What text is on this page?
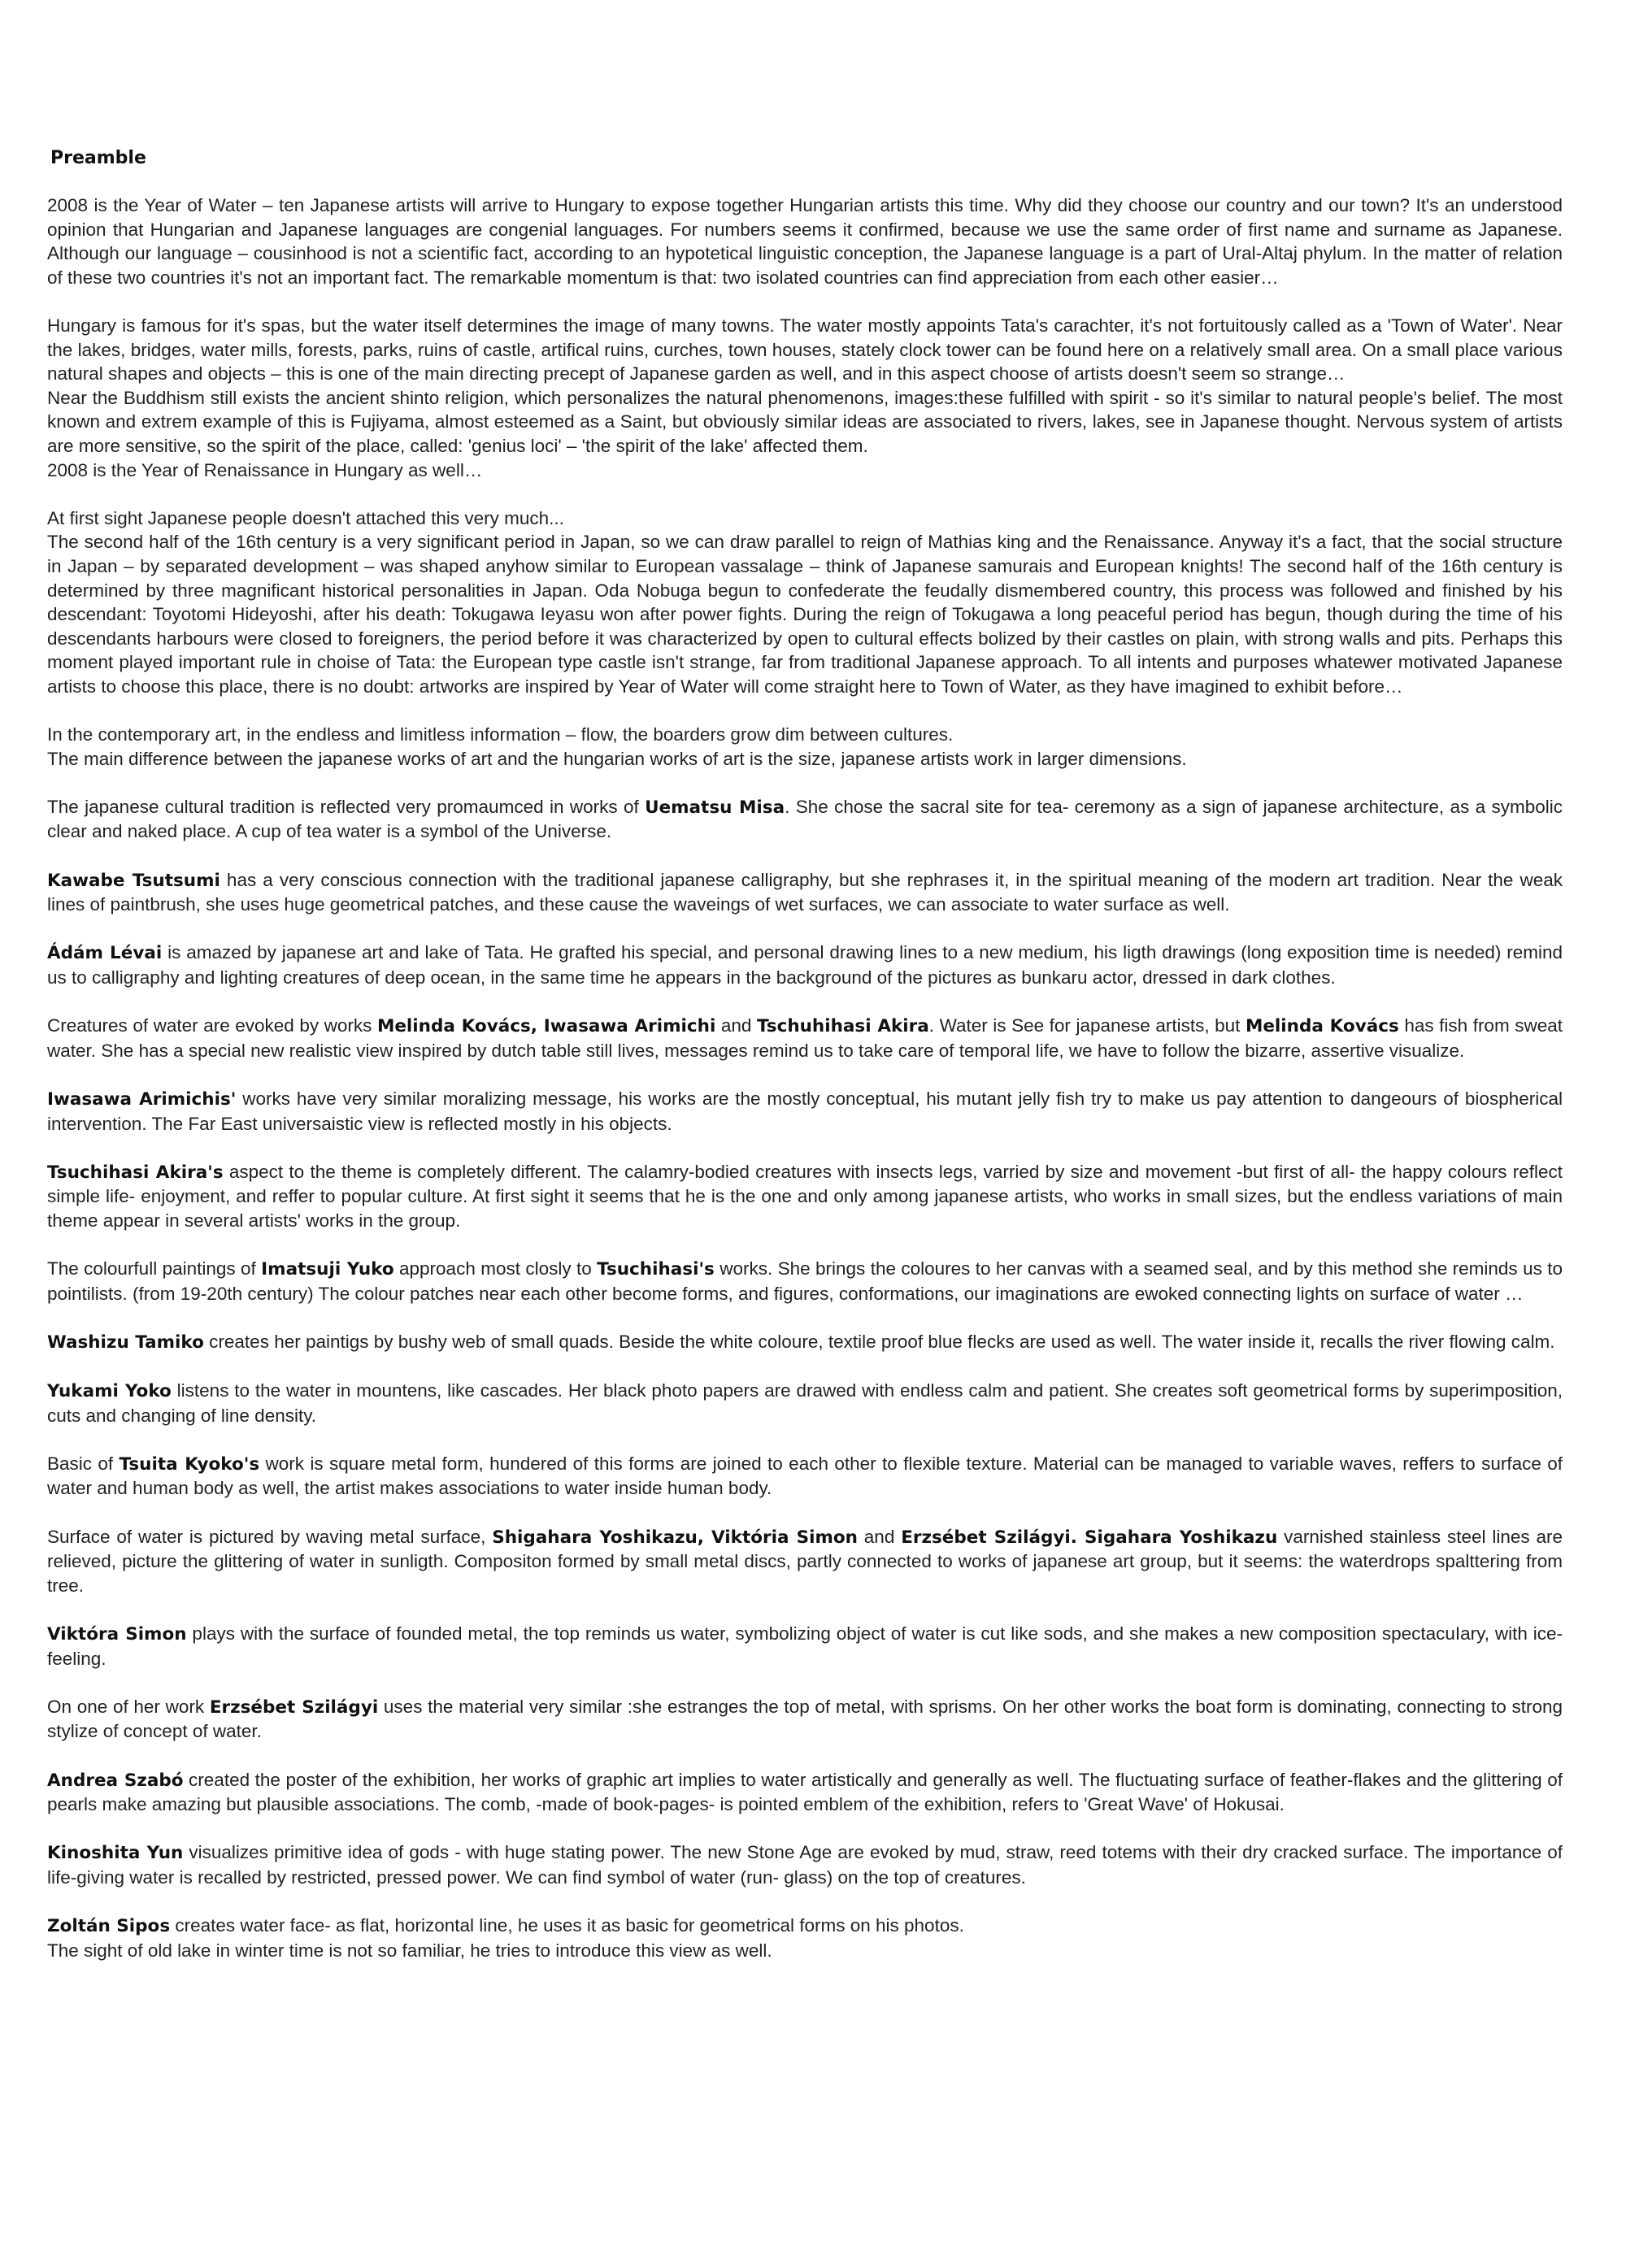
Preamble
2008 is the Year of Water – ten Japanese artists will arrive to Hungary to expose together Hungarian artists this time. Why did they choose our country and our town? It's an understood opinion that Hungarian and Japanese languages are congenial languages. For numbers seems it confirmed, because we use the same order of first name and surname as Japanese. Although our language – cousinhood is not a scientific fact, according to an hypotetical linguistic conception, the Japanese language is a part of Ural-Altaj phylum. In the matter of relation of these two countries it's not an important fact. The remarkable momentum is that: two isolated countries can find appreciation from each other easier…
Hungary is famous for it's spas, but the water itself determines the image of many towns. The water mostly appoints Tata's carachter, it's not fortuitously called as a 'Town of Water'. Near the lakes, bridges, water mills, forests, parks, ruins of castle, artifical ruins, curches, town houses, stately clock tower can be found here on a relatively small area. On a small place various natural shapes and objects – this is one of the main directing precept of Japanese garden as well, and in this aspect choose of artists doesn't seem so strange…
Near the Buddhism still exists the ancient shinto religion, which personalizes the natural phenomenons, images:these fulfilled with spirit - so it's similar to natural people's belief. The most known and extrem example of this is Fujiyama, almost esteemed as a Saint, but obviously similar ideas are associated to rivers, lakes, see in Japanese thought. Nervous system of artists are more sensitive, so the spirit of the place, called: 'genius loci' – 'the spirit of the lake' affected them.
2008 is the Year of Renaissance in Hungary as well…
At first sight Japanese people doesn't attached this very much...
The second half of the 16th century is a very significant period in Japan, so we can draw parallel to reign of Mathias king and the Renaissance. Anyway it's a fact, that the social structure in Japan – by separated development – was shaped anyhow similar to European vassalage – think of Japanese samurais and European knights! The second half of the 16th century is determined by three magnificant historical personalities in Japan. Oda Nobuga begun to confederate the feudally dismembered country, this process was followed and finished by his descendant: Toyotomi Hideyoshi, after his death: Tokugawa Ieyasu won after power fights. During the reign of Tokugawa a long peaceful period has begun, though during the time of his descendants harbours were closed to foreigners, the period before it was characterized by open to cultural effects bolized by their castles on plain, with strong walls and pits. Perhaps this moment played important rule in choise of Tata: the European type castle isn't strange, far from traditional Japanese approach. To all intents and purposes whatewer motivated Japanese artists to choose this place, there is no doubt: artworks are inspired by Year of Water will come straight here to Town of Water, as they have imagined to exhibit before…
In the contemporary art, in the endless and limitless information – flow, the boarders grow dim between cultures.
The main difference between the japanese works of art and the hungarian works of art is the size, japanese artists work in larger dimensions.
The japanese cultural tradition is reflected very promaumced in works of Uematsu Misa. She chose the sacral site for tea- ceremony as a sign of japanese architecture, as a symbolic clear and naked place. A cup of tea water is a symbol of the Universe.
Kawabe Tsutsumi has a very conscious connection with the traditional japanese calligraphy, but she rephrases it, in the spiritual meaning of the modern art tradition. Near the weak lines of paintbrush, she uses huge geometrical patches, and these cause the waveings of wet surfaces, we can associate to water surface as well.
Ádám Lévai is amazed by japanese art and lake of Tata. He grafted his special, and personal drawing lines to a new medium, his ligth drawings (long exposition time is needed) remind us to calligraphy and lighting creatures of deep ocean, in the same time he appears in the background of the pictures as bunkaru actor, dressed in dark clothes.
Creatures of water are evoked by works Melinda Kovács, Iwasawa Arimichi and Tschuhihasi Akira. Water is See for japanese artists, but Melinda Kovács has fish from sweat water. She has a special new realistic view inspired by dutch table still lives, messages remind us to take care of temporal life, we have to follow the bizarre, assertive visualize.
Iwasawa Arimichis' works have very similar moralizing message, his works are the mostly conceptual, his mutant jelly fish try to make us pay attention to dangeours of biospherical intervention. The Far East universaistic view is reflected mostly in his objects.
Tsuchihasi Akira's aspect to the theme is completely different. The calamry-bodied creatures with insects legs, varried by size and movement -but first of all- the happy colours reflect simple life- enjoyment, and reffer to popular culture. At first sight it seems that he is the one and only among japanese artists, who works in small sizes, but the endless variations of main theme appear in several artists' works in the group.
The colourfull paintings of Imatsuji Yuko approach most closly to Tsuchihasi's works. She brings the coloures to her canvas with a seamed seal, and by this method she reminds us to pointilists. (from 19-20th century) The colour patches near each other become forms, and figures, conformations, our imaginations are ewoked connecting lights on surface of water …
Washizu Tamiko creates her paintigs by bushy web of small quads. Beside the white coloure, textile proof blue flecks are used as well. The water inside it, recalls the river flowing calm.
Yukami Yoko listens to the water in mountens, like cascades. Her black photo papers are drawed with endless calm and patient. She creates soft geometrical forms by superimposition, cuts and changing of line density.
Basic of Tsuita Kyoko's work is square metal form, hundered of this forms are joined to each other to flexible texture. Material can be managed to variable waves, reffers to surface of water and human body as well, the artist makes associations to water inside human body.
Surface of water is pictured by waving metal surface, Shigahara Yoshikazu, Viktória Simon and Erzsébet Szilágyi. Sigahara Yoshikazu varnished stainless steel lines are relieved, picture the glittering of water in sunligth. Compositon formed by small metal discs, partly connected to works of japanese art group, but it seems: the waterdrops spalttering from tree.
Viktóra Simon plays with the surface of founded metal, the top reminds us water, symbolizing object of water is cut like sods, and she makes a new composition spectacuIary, with ice-feeling.
On one of her work Erzsébet Szilágyi uses the material very similar :she estranges the top of metal, with sprisms. On her other works the boat form is dominating, connecting to strong stylize of concept of water.
Andrea Szabó created the poster of the exhibition, her works of graphic art implies to water artistically and generally as well. The fluctuating surface of feather-flakes and the glittering of pearls make amazing but plausible associations. The comb, -made of book-pages- is pointed emblem of the exhibition, refers to 'Great Wave' of Hokusai.
Kinoshita Yun visualizes primitive idea of gods - with huge stating power. The new Stone Age are evoked by mud, straw, reed totems with their dry cracked surface. The importance of life-giving water is recalled by restricted, pressed power. We can find symbol of water (run- glass) on the top of creatures.
Zoltán Sipos creates water face- as flat, horizontal line, he uses it as basic for geometrical forms on his photos.
The sight of old lake in winter time is not so familiar, he tries to introduce this view as well.
